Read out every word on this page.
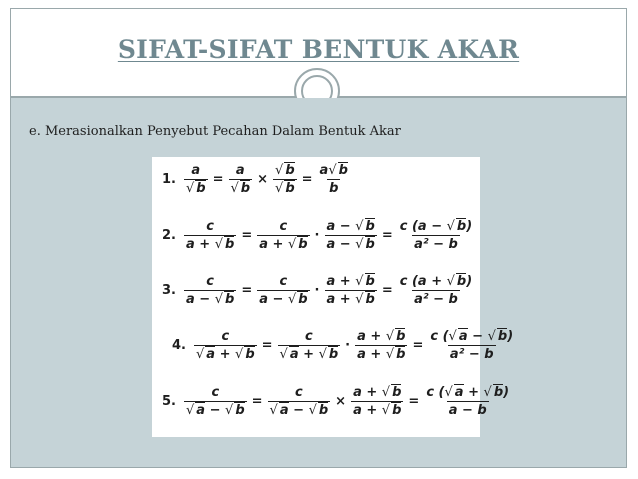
SIFAT-SIFAT BENTUK AKAR
e. Merasionalkan Penyebut Pecahan Dalam Bentuk Akar
1. $\frac{a}{√ b} = \frac{a}{√ b} \times \frac{√ b}{√ b} = \frac{a√ b}{b}$
2. $\frac{c}{a + √ b} = \frac{c}{a + √ b} \cdot \frac{a - √ b}{a - √ b} = \frac{c (a - √ b)}{\text{a² − b}}$
3. $\frac{c}{a - √ b} = \frac{c}{a - √ b} \cdot \frac{a + √ b}{a + √ b} = \frac{c (a + √ b)}{\text{a² − b}}$
4. $\frac{c}{√ a + √ b} = \frac{c}{√ a + √ b} \cdot \frac{a + √ b}{a + √ b} = \frac{c (√ a - √ b)}{\text{a² − b}}$
5. $\frac{c}{√ a - √ b} = \frac{c}{√ a - √ b} \times \frac{a + √ b}{a + √ b} = \frac{c (√ a + √ b)}{a - b}$
